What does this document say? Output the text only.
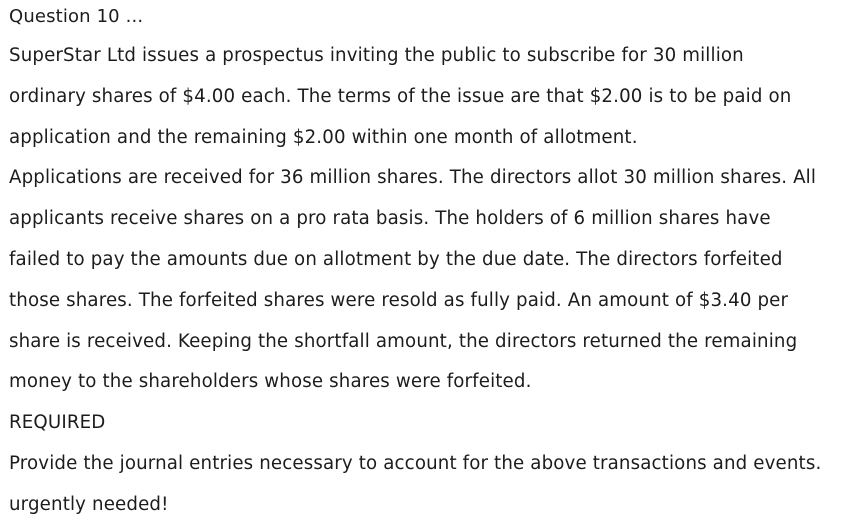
Question 10 ...
SuperStar Ltd issues a prospectus inviting the public to subscribe for 30 million
ordinary shares of $4.00 each. The terms of the issue are that $2.00 is to be paid on
application and the remaining $2.00 within one month of allotment.
Applications are received for 36 million shares. The directors allot 30 million shares. All
applicants receive shares on a pro rata basis. The holders of 6 million shares have
failed to pay the amounts due on allotment by the due date. The directors forfeited
those shares. The forfeited shares were resold as fully paid. An amount of $3.40 per
share is received. Keeping the shortfall amount, the directors returned the remaining
money to the shareholders whose shares were forfeited.
REQUIRED
Provide the journal entries necessary to account for the above transactions and events.
urgently needed!
